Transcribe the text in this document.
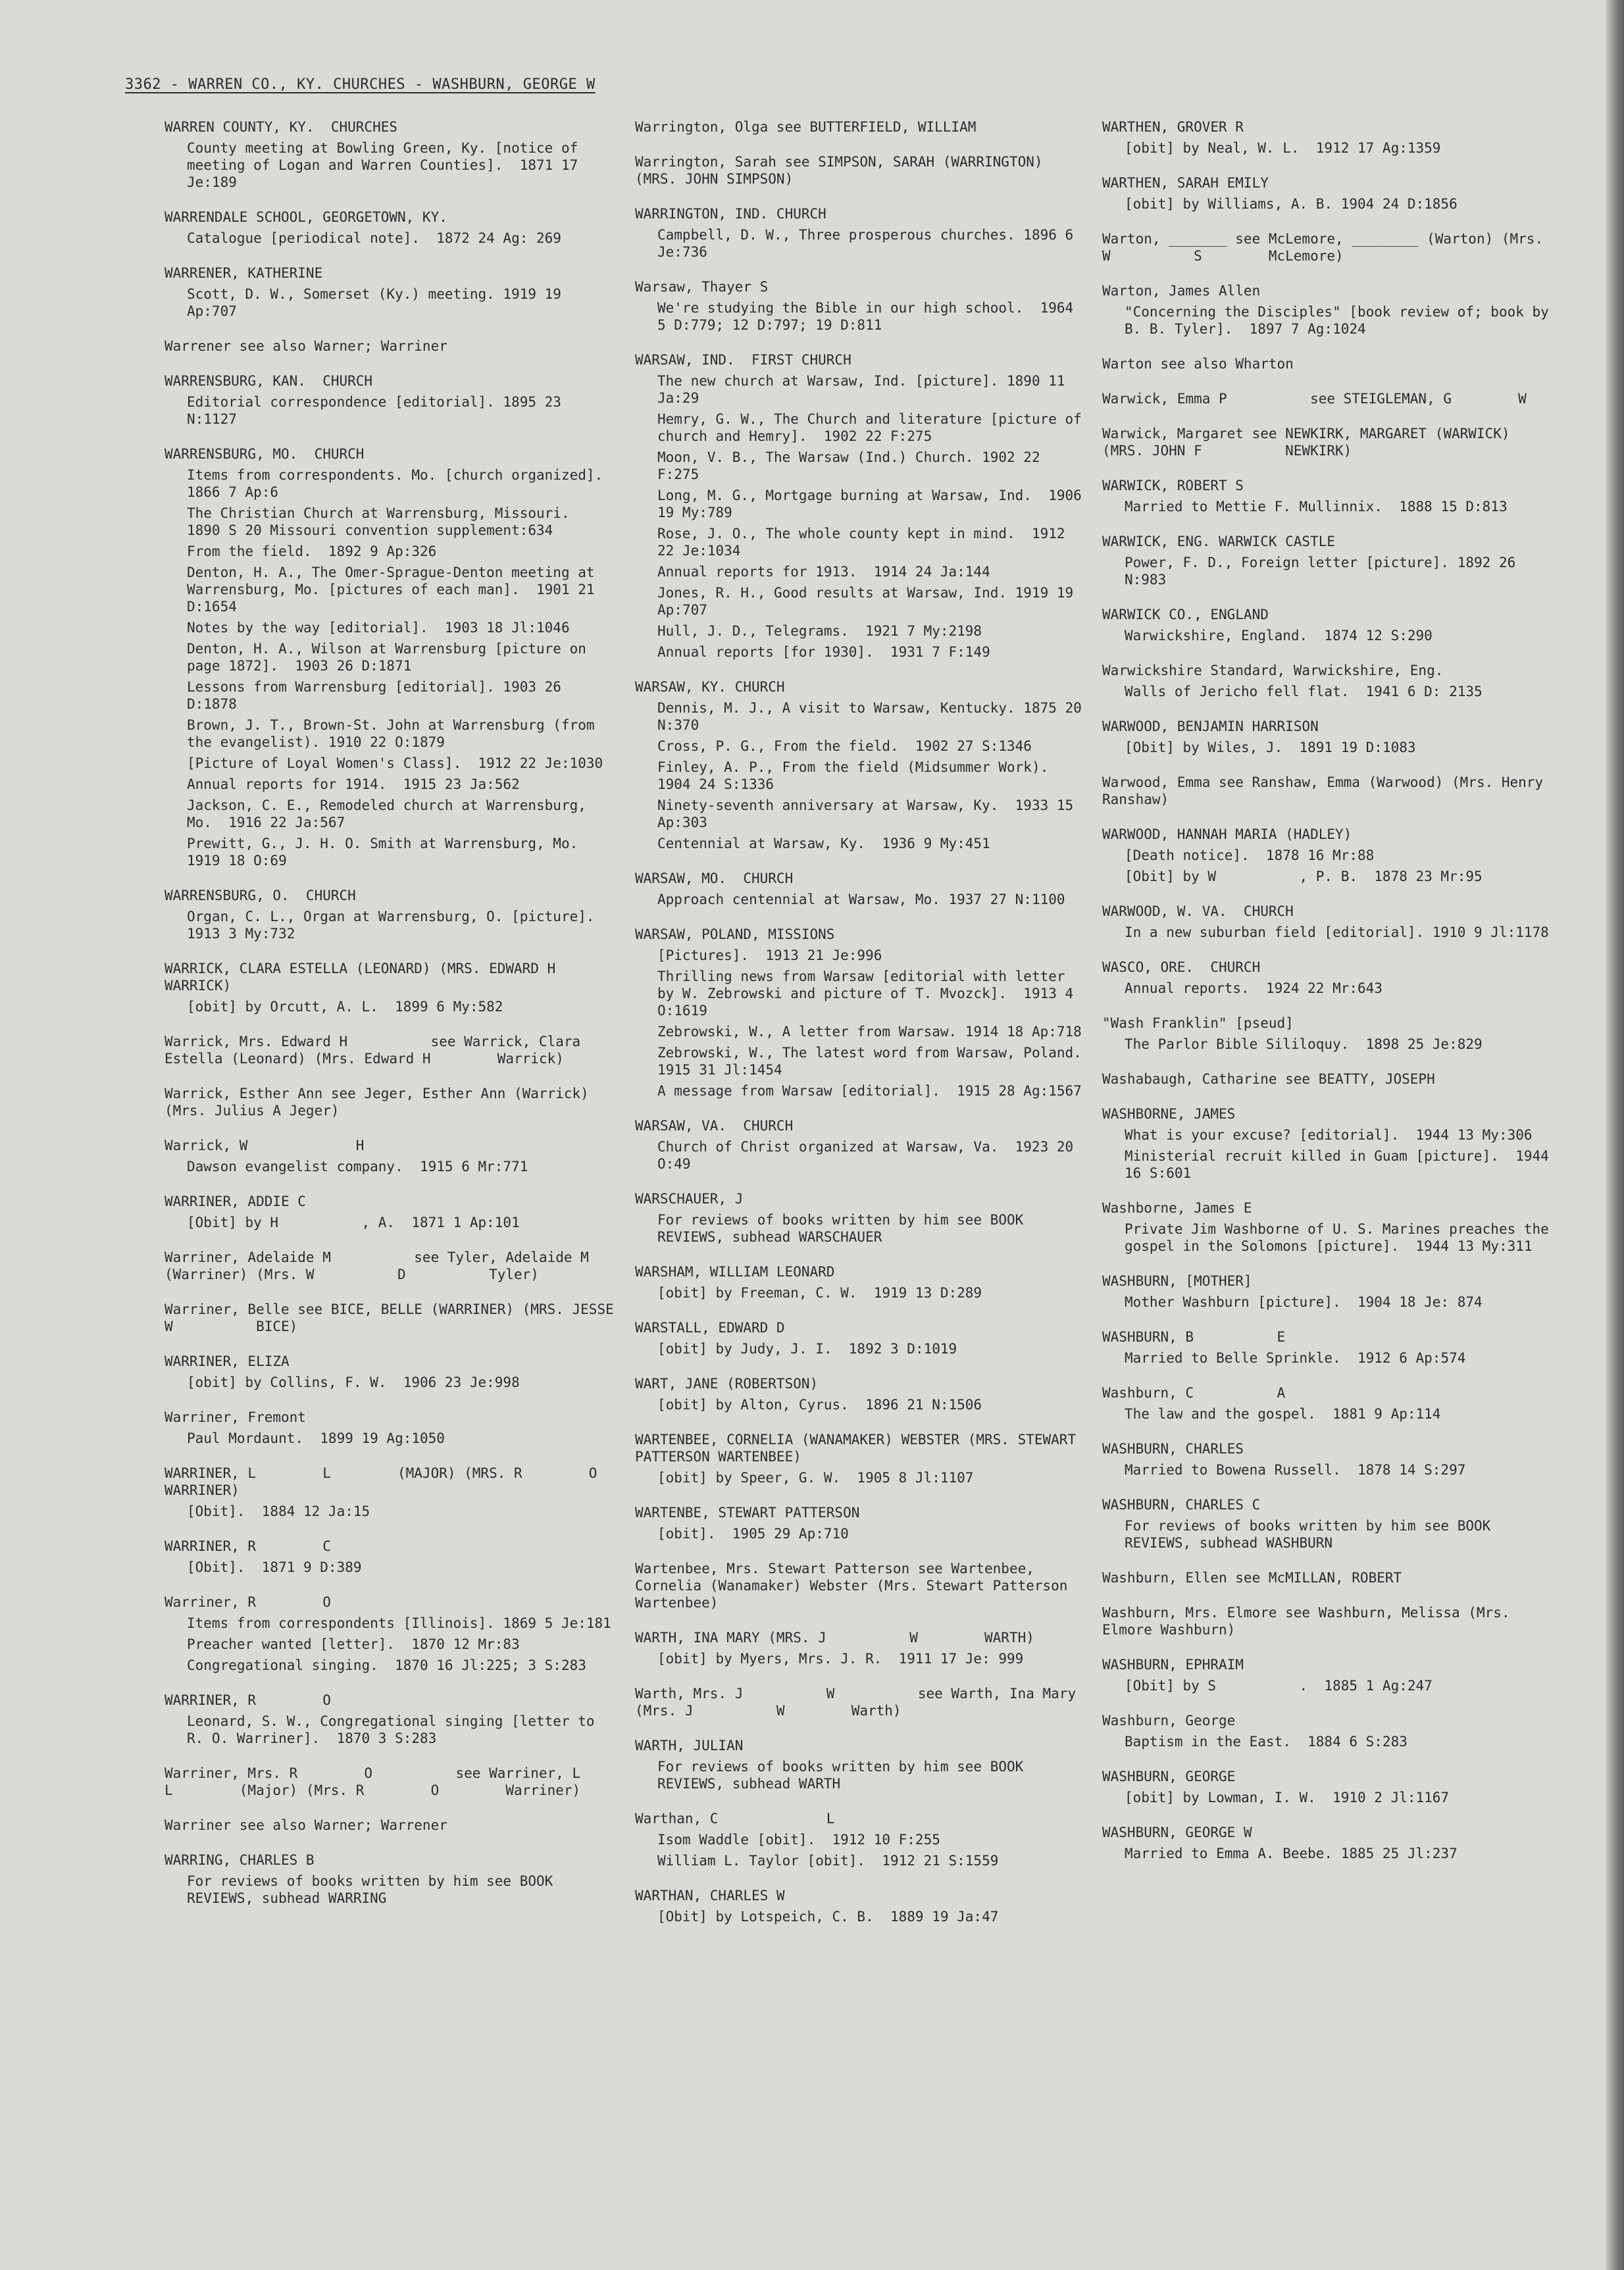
3362 - WARREN CO., KY. CHURCHES - WASHBURN, GEORGE W
WARREN COUNTY, KY.  CHURCHES
County meeting at Bowling Green, Ky. [notice of meeting of Logan and Warren Counties].  1871 17 Je:189
WARRENDALE SCHOOL, GEORGETOWN, KY.
Catalogue [periodical note].  1872 24 Ag: 269
WARRENER, KATHERINE
Scott, D. W., Somerset (Ky.) meeting. 1919 19 Ap:707
Warrener see also Warner; Warriner
WARRENSBURG, KAN.  CHURCH
Editorial correspondence [editorial]. 1895 23 N:1127
WARRENSBURG, MO.  CHURCH
Items from correspondents. Mo. [church organized].  1866 7 Ap:6
The Christian Church at Warrensburg, Missouri.  1890 S 20 Missouri convention supplement:634
From the field.  1892 9 Ap:326
Denton, H. A., The Omer-Sprague-Denton meeting at Warrensburg, Mo. [pictures of each man].  1901 21 D:1654
Notes by the way [editorial].  1903 18 Jl:1046
Denton, H. A., Wilson at Warrensburg [picture on page 1872].  1903 26 D:1871
Lessons from Warrensburg [editorial]. 1903 26 D:1878
Brown, J. T., Brown-St. John at Warrensburg (from the evangelist). 1910 22 O:1879
[Picture of Loyal Women's Class].  1912 22 Je:1030
Annual reports for 1914.  1915 23 Ja:562
Jackson, C. E., Remodeled church at Warrensburg, Mo.  1916 22 Ja:567
Prewitt, G., J. H. O. Smith at Warrensburg, Mo.  1919 18 O:69
WARRENSBURG, O.  CHURCH
Organ, C. L., Organ at Warrensburg, O. [picture].  1913 3 My:732
WARRICK, CLARA ESTELLA (LEONARD) (MRS. EDWARD H        WARRICK)
[obit] by Orcutt, A. L.  1899 6 My:582
Warrick, Mrs. Edward H          see Warrick, Clara Estella (Leonard) (Mrs. Edward H        Warrick)
Warrick, Esther Ann see Jeger, Esther Ann (Warrick) (Mrs. Julius A Jeger)
Warrick, W             H
Dawson evangelist company.  1915 6 Mr:771
WARRINER, ADDIE C
[Obit] by H          , A.  1871 1 Ap:101
Warriner, Adelaide M          see Tyler, Adelaide M          (Warriner) (Mrs. W          D          Tyler)
Warriner, Belle see BICE, BELLE (WARRINER) (MRS. JESSE W          BICE)
WARRINER, ELIZA
[obit] by Collins, F. W.  1906 23 Je:998
Warriner, Fremont
Paul Mordaunt.  1899 19 Ag:1050
WARRINER, L        L        (MAJOR) (MRS. R        O        WARRINER)
[Obit].  1884 12 Ja:15
WARRINER, R        C
[Obit].  1871 9 D:389
Warriner, R        O
Items from correspondents [Illinois]. 1869 5 Je:181
Preacher wanted [letter].  1870 12 Mr:83
Congregational singing.  1870 16 Jl:225; 3 S:283
WARRINER, R        O
Leonard, S. W., Congregational singing [letter to R. O. Warriner].  1870 3 S:283
Warriner, Mrs. R        O          see Warriner, L        L        (Major) (Mrs. R        O        Warriner)
Warriner see also Warner; Warrener
WARRING, CHARLES B
For reviews of books written by him see BOOK REVIEWS, subhead WARRING
Warrington, Olga see BUTTERFIELD, WILLIAM
Warrington, Sarah see SIMPSON, SARAH (WARRINGTON) (MRS. JOHN SIMPSON)
WARRINGTON, IND. CHURCH
Campbell, D. W., Three prosperous churches. 1896 6 Je:736
Warsaw, Thayer S
We're studying the Bible in our high school.  1964 5 D:779; 12 D:797; 19 D:811
WARSAW, IND.  FIRST CHURCH
The new church at Warsaw, Ind. [picture]. 1890 11 Ja:29
Hemry, G. W., The Church and literature [picture of church and Hemry].  1902 22 F:275
Moon, V. B., The Warsaw (Ind.) Church. 1902 22 F:275
Long, M. G., Mortgage burning at Warsaw, Ind.  1906 19 My:789
Rose, J. O., The whole county kept in mind.  1912 22 Je:1034
Annual reports for 1913.  1914 24 Ja:144
Jones, R. H., Good results at Warsaw, Ind. 1919 19 Ap:707
Hull, J. D., Telegrams.  1921 7 My:2198
Annual reports [for 1930].  1931 7 F:149
WARSAW, KY. CHURCH
Dennis, M. J., A visit to Warsaw, Kentucky. 1875 20 N:370
Cross, P. G., From the field.  1902 27 S:1346
Finley, A. P., From the field (Midsummer Work).  1904 24 S:1336
Ninety-seventh anniversary at Warsaw, Ky.  1933 15 Ap:303
Centennial at Warsaw, Ky.  1936 9 My:451
WARSAW, MO.  CHURCH
Approach centennial at Warsaw, Mo. 1937 27 N:1100
WARSAW, POLAND, MISSIONS
[Pictures].  1913 21 Je:996
Thrilling news from Warsaw [editorial with letter by W. Zebrowski and picture of T. Mvozck].  1913 4 O:1619
Zebrowski, W., A letter from Warsaw. 1914 18 Ap:718
Zebrowski, W., The latest word from Warsaw, Poland.  1915 31 Jl:1454
A message from Warsaw [editorial].  1915 28 Ag:1567
WARSAW, VA.  CHURCH
Church of Christ organized at Warsaw, Va.  1923 20 O:49
WARSCHAUER, J
For reviews of books written by him see BOOK REVIEWS, subhead WARSCHAUER
WARSHAM, WILLIAM LEONARD
[obit] by Freeman, C. W.  1919 13 D:289
WARSTALL, EDWARD D
[obit] by Judy, J. I.  1892 3 D:1019
WART, JANE (ROBERTSON)
[obit] by Alton, Cyrus.  1896 21 N:1506
WARTENBEE, CORNELIA (WANAMAKER) WEBSTER (MRS. STEWART PATTERSON WARTENBEE)
[obit] by Speer, G. W.  1905 8 Jl:1107
WARTENBE, STEWART PATTERSON
[obit].  1905 29 Ap:710
Wartenbee, Mrs. Stewart Patterson see Wartenbee, Cornelia (Wanamaker) Webster (Mrs. Stewart Patterson Wartenbee)
WARTH, INA MARY (MRS. J          W        WARTH)
[obit] by Myers, Mrs. J. R.  1911 17 Je: 999
Warth, Mrs. J          W          see Warth, Ina Mary (Mrs. J          W        Warth)
WARTH, JULIAN
For reviews of books written by him see BOOK REVIEWS, subhead WARTH
Warthan, C             L
Isom Waddle [obit].  1912 10 F:255
William L. Taylor [obit].  1912 21 S:1559
WARTHAN, CHARLES W
[Obit] by Lotspeich, C. B.  1889 19 Ja:47
WARTHEN, GROVER R
[obit] by Neal, W. L.  1912 17 Ag:1359
WARTHEN, SARAH EMILY
[obit] by Williams, A. B. 1904 24 D:1856
Warton, _______ see McLemore, ________ (Warton) (Mrs. W          S        McLemore)
Warton, James Allen
"Concerning the Disciples" [book review of; book by B. B. Tyler].  1897 7 Ag:1024
Warton see also Wharton
Warwick, Emma P          see STEIGLEMAN, G        W
Warwick, Margaret see NEWKIRK, MARGARET (WARWICK) (MRS. JOHN F          NEWKIRK)
WARWICK, ROBERT S
Married to Mettie F. Mullinnix.  1888 15 D:813
WARWICK, ENG. WARWICK CASTLE
Power, F. D., Foreign letter [picture]. 1892 26 N:983
WARWICK CO., ENGLAND
Warwickshire, England.  1874 12 S:290
Warwickshire Standard, Warwickshire, Eng.
Walls of Jericho fell flat.  1941 6 D: 2135
WARWOOD, BENJAMIN HARRISON
[Obit] by Wiles, J.  1891 19 D:1083
Warwood, Emma see Ranshaw, Emma (Warwood) (Mrs. Henry Ranshaw)
WARWOOD, HANNAH MARIA (HADLEY)
[Death notice].  1878 16 Mr:88
[Obit] by W          , P. B.  1878 23 Mr:95
WARWOOD, W. VA.  CHURCH
In a new suburban field [editorial]. 1910 9 Jl:1178
WASCO, ORE.  CHURCH
Annual reports.  1924 22 Mr:643
"Wash Franklin" [pseud]
The Parlor Bible Sililoquy.  1898 25 Je:829
Washabaugh, Catharine see BEATTY, JOSEPH
WASHBORNE, JAMES
What is your excuse? [editorial].  1944 13 My:306
Ministerial recruit killed in Guam [picture].  1944 16 S:601
Washborne, James E
Private Jim Washborne of U. S. Marines preaches the gospel in the Solomons [picture].  1944 13 My:311
WASHBURN, [MOTHER]
Mother Washburn [picture].  1904 18 Je: 874
WASHBURN, B          E
Married to Belle Sprinkle.  1912 6 Ap:574
Washburn, C          A
The law and the gospel.  1881 9 Ap:114
WASHBURN, CHARLES
Married to Bowena Russell.  1878 14 S:297
WASHBURN, CHARLES C
For reviews of books written by him see BOOK REVIEWS, subhead WASHBURN
Washburn, Ellen see McMILLAN, ROBERT
Washburn, Mrs. Elmore see Washburn, Melissa (Mrs. Elmore Washburn)
WASHBURN, EPHRAIM
[Obit] by S          .  1885 1 Ag:247
Washburn, George
Baptism in the East.  1884 6 S:283
WASHBURN, GEORGE
[obit] by Lowman, I. W.  1910 2 Jl:1167
WASHBURN, GEORGE W
Married to Emma A. Beebe. 1885 25 Jl:237
